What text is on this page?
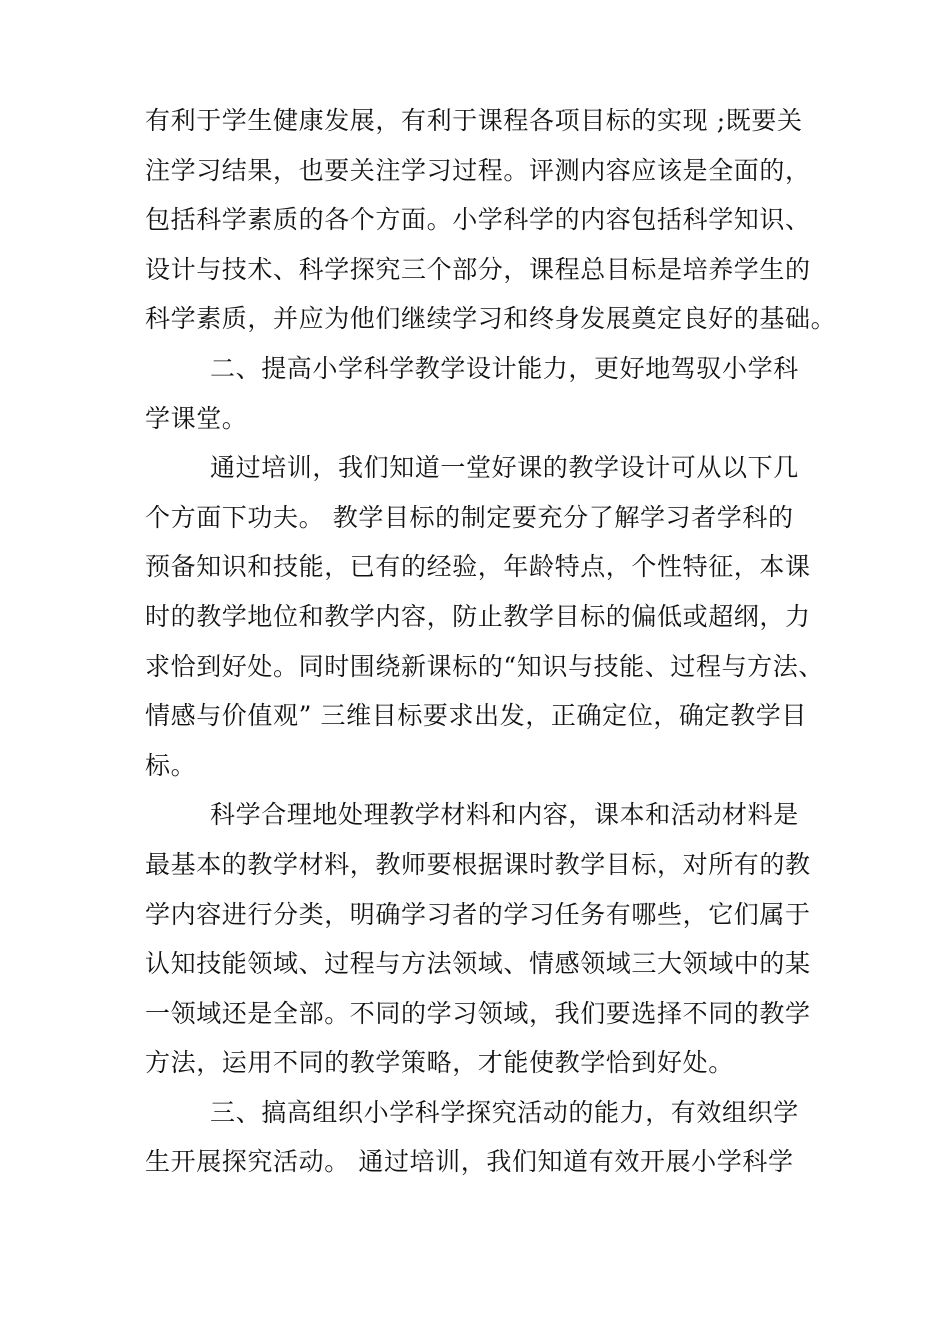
有利于学生健康发展，有利于课程各项目标的实现 ;既要关
注学习结果，也要关注学习过程。评测内容应该是全面的，
包括科学素质的各个方面。小学科学的内容包括科学知识、
设计与技术、科学探究三个部分，课程总目标是培养学生的
科学素质，并应为他们继续学习和终身发展奠定良好的基础。
二、提高小学科学教学设计能力，更好地驾驭小学科
学课堂。
通过培训，我们知道一堂好课的教学设计可从以下几
个方面下功夫。 教学目标的制定要充分了解学习者学科的
预备知识和技能，已有的经验，年龄特点，个性特征，本课
时的教学地位和教学内容，防止教学目标的偏低或超纲，力
求恰到好处。同时围绕新课标的“知识与技能、过程与方法、
情感与价值观” 三维目标要求出发，正确定位，确定教学目
标。
科学合理地处理教学材料和内容，课本和活动材料是
最基本的教学材料，教师要根据课时教学目标，对所有的教
学内容进行分类，明确学习者的学习任务有哪些，它们属于
认知技能领域、过程与方法领域、情感领域三大领域中的某
一领域还是全部。不同的学习领域，我们要选择不同的教学
方法，运用不同的教学策略，才能使教学恰到好处。
三、搞高组织小学科学探究活动的能力，有效组织学
生开展探究活动。 通过培训，我们知道有效开展小学科学
